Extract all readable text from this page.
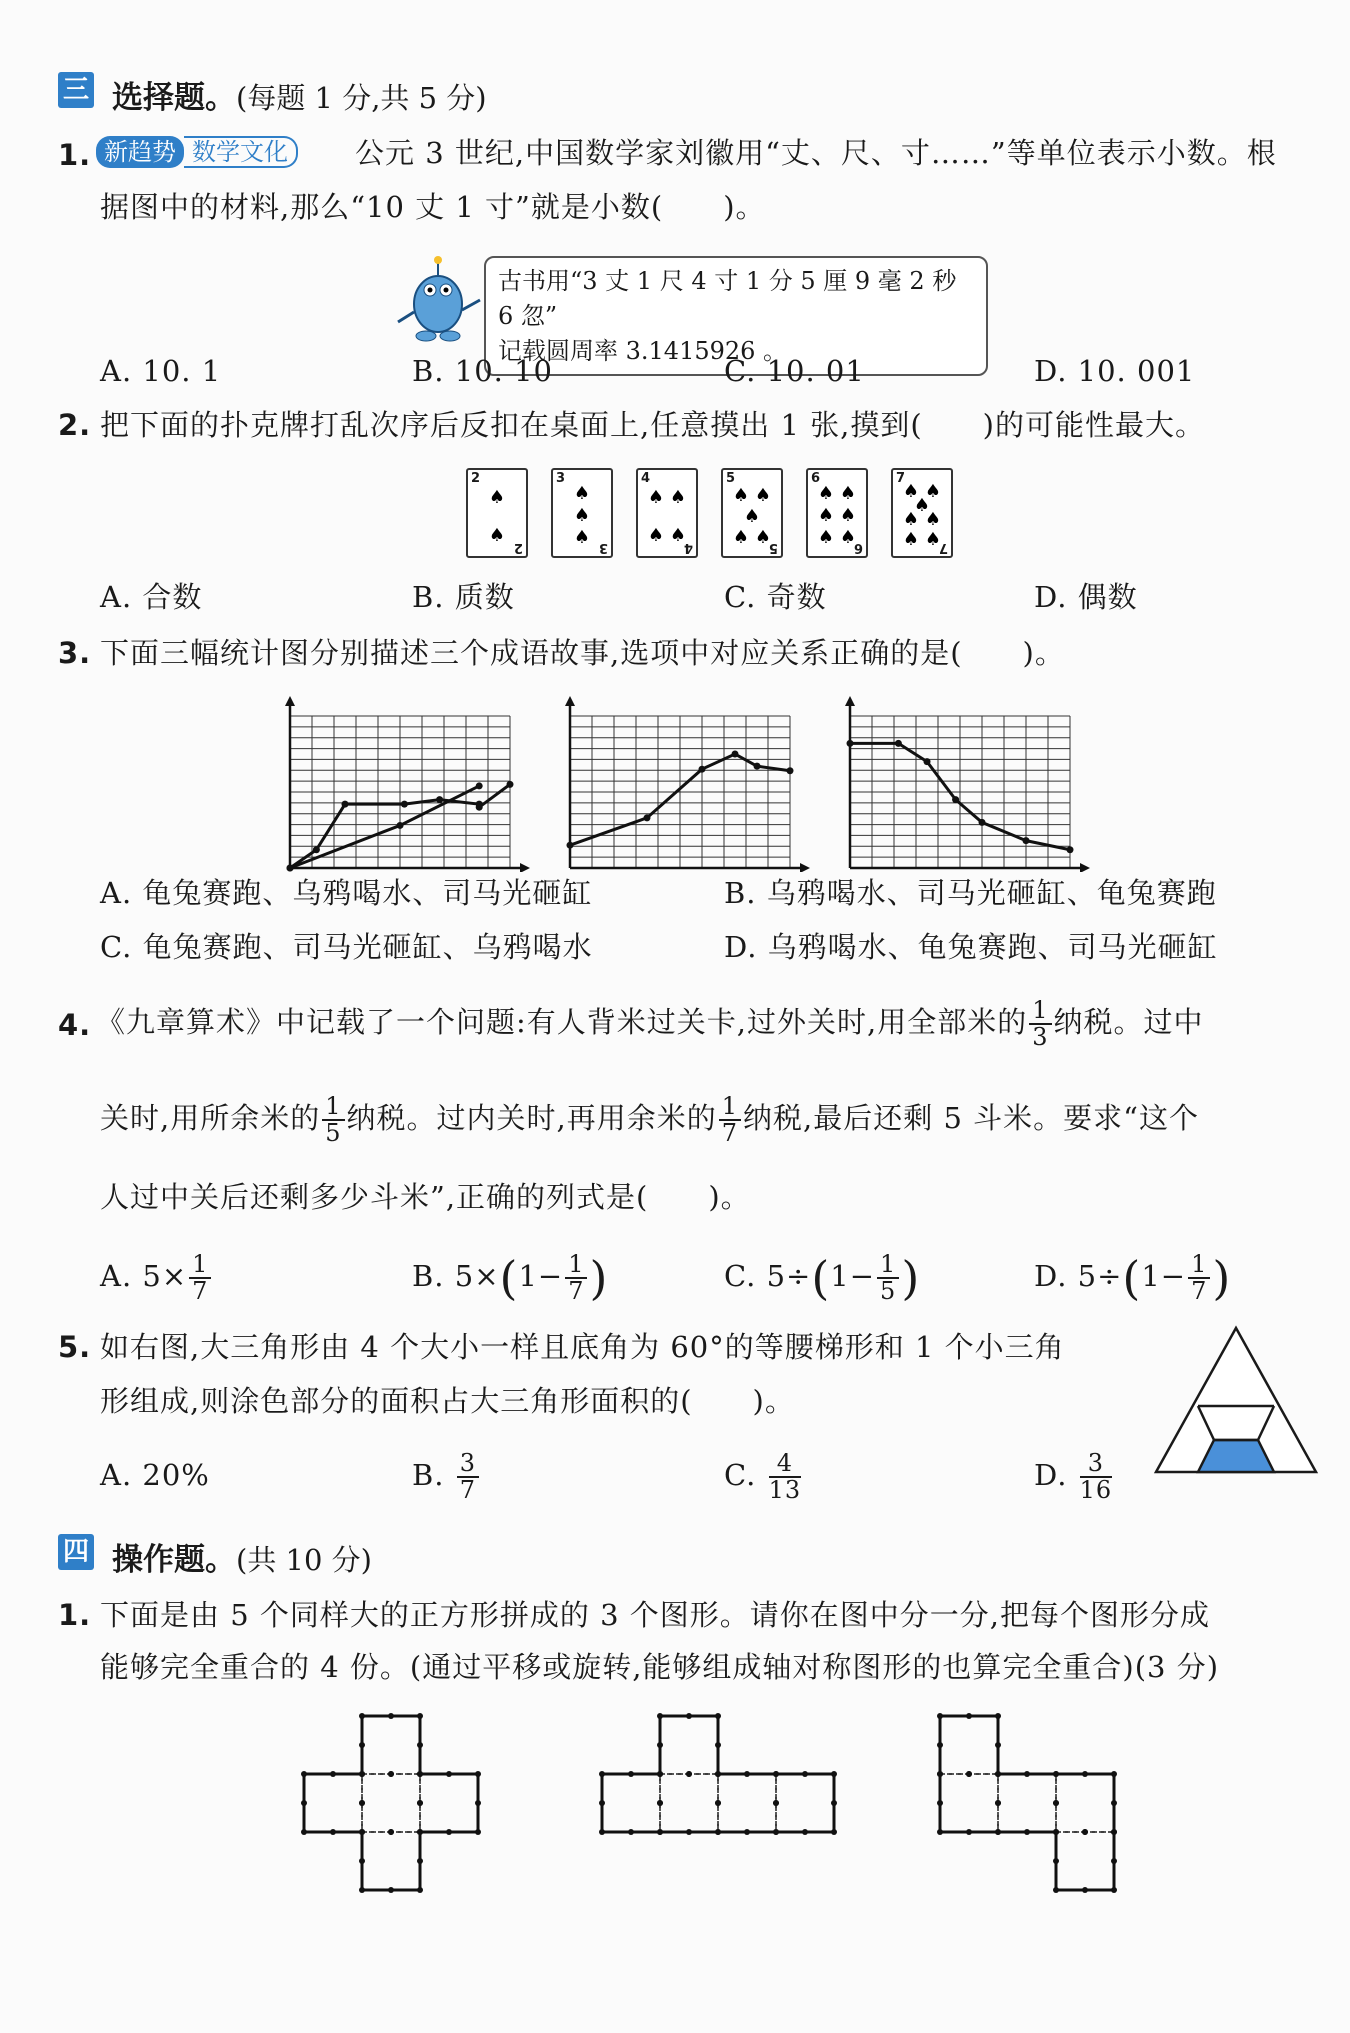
三 选择题。(每题 1 分,共 5 分)
1. 新趋势 数学文化	公元 3 世纪,中国数学家刘徽用“丈、尺、寸……”等单位表示小数。根
据图中的材料,那么“10 丈 1 寸”就是小数(　　)。
古书用“3 丈 1 尺 4 寸 1 分 5 厘 9 毫 2 秒 6 忽”
记载圆周率 3.1415926 。
A. 10. 1	B. 10. 10	C. 10. 01	D. 10. 001
2. 把下面的扑克牌打乱次序后反扣在桌面上,任意摸出 1 张,摸到(　　)的可能性最大。
2
2
♠
♠
3
3
♠
♠
♠
4
4
♠ ♠
♠ ♠
5
5
♠ ♠
♠
♠ ♠
6
6
♠ ♠
♠ ♠
♠ ♠
7
7
♠ ♠
♠
♠ ♠
♠ ♠
A. 合数	B. 质数	C. 奇数	D. 偶数
3. 下面三幅统计图分别描述三个成语故事,选项中对应关系正确的是(　　)。
A. 龟兔赛跑、乌鸦喝水、司马光砸缸	B. 乌鸦喝水、司马光砸缸、龟兔赛跑
C. 龟兔赛跑、司马光砸缸、乌鸦喝水	D. 乌鸦喝水、龟兔赛跑、司马光砸缸
4. 《九章算术》中记载了一个问题:有人背米过关卡,过外关时,用全部米的 $\frac{1}{3}$ 纳税。过中
关时,用所余米的 $\frac{1}{5}$ 纳税。过内关时,再用余米的 $\frac{1}{7}$ 纳税,最后还剩 5 斗米。要求“这个
人过中关后还剩多少斗米”,正确的列式是(　　)。
A. $5\times \frac{1}{7}$	B. $5\times(1- \frac{1}{7}$ )	C. $5\div(1- \frac{1}{5}$ )	D. $5\div(1- \frac{1}{7}$ )
5. 如右图,大三角形由 4 个大小一样且底角为 60°的等腰梯形和 1 个小三角
形组成,则涂色部分的面积占大三角形面积的(　　)。
A. 20%	B. $\frac{3}{7}$	C. $\frac{4}{13}$	D. $\frac{3}{16}$
四 操作题。(共 10 分)
1. 下面是由 5 个同样大的正方形拼成的 3 个图形。请你在图中分一分,把每个图形分成
能够完全重合的 4 份。(通过平移或旋转,能够组成轴对称图形的也算完全重合)(3 分)
